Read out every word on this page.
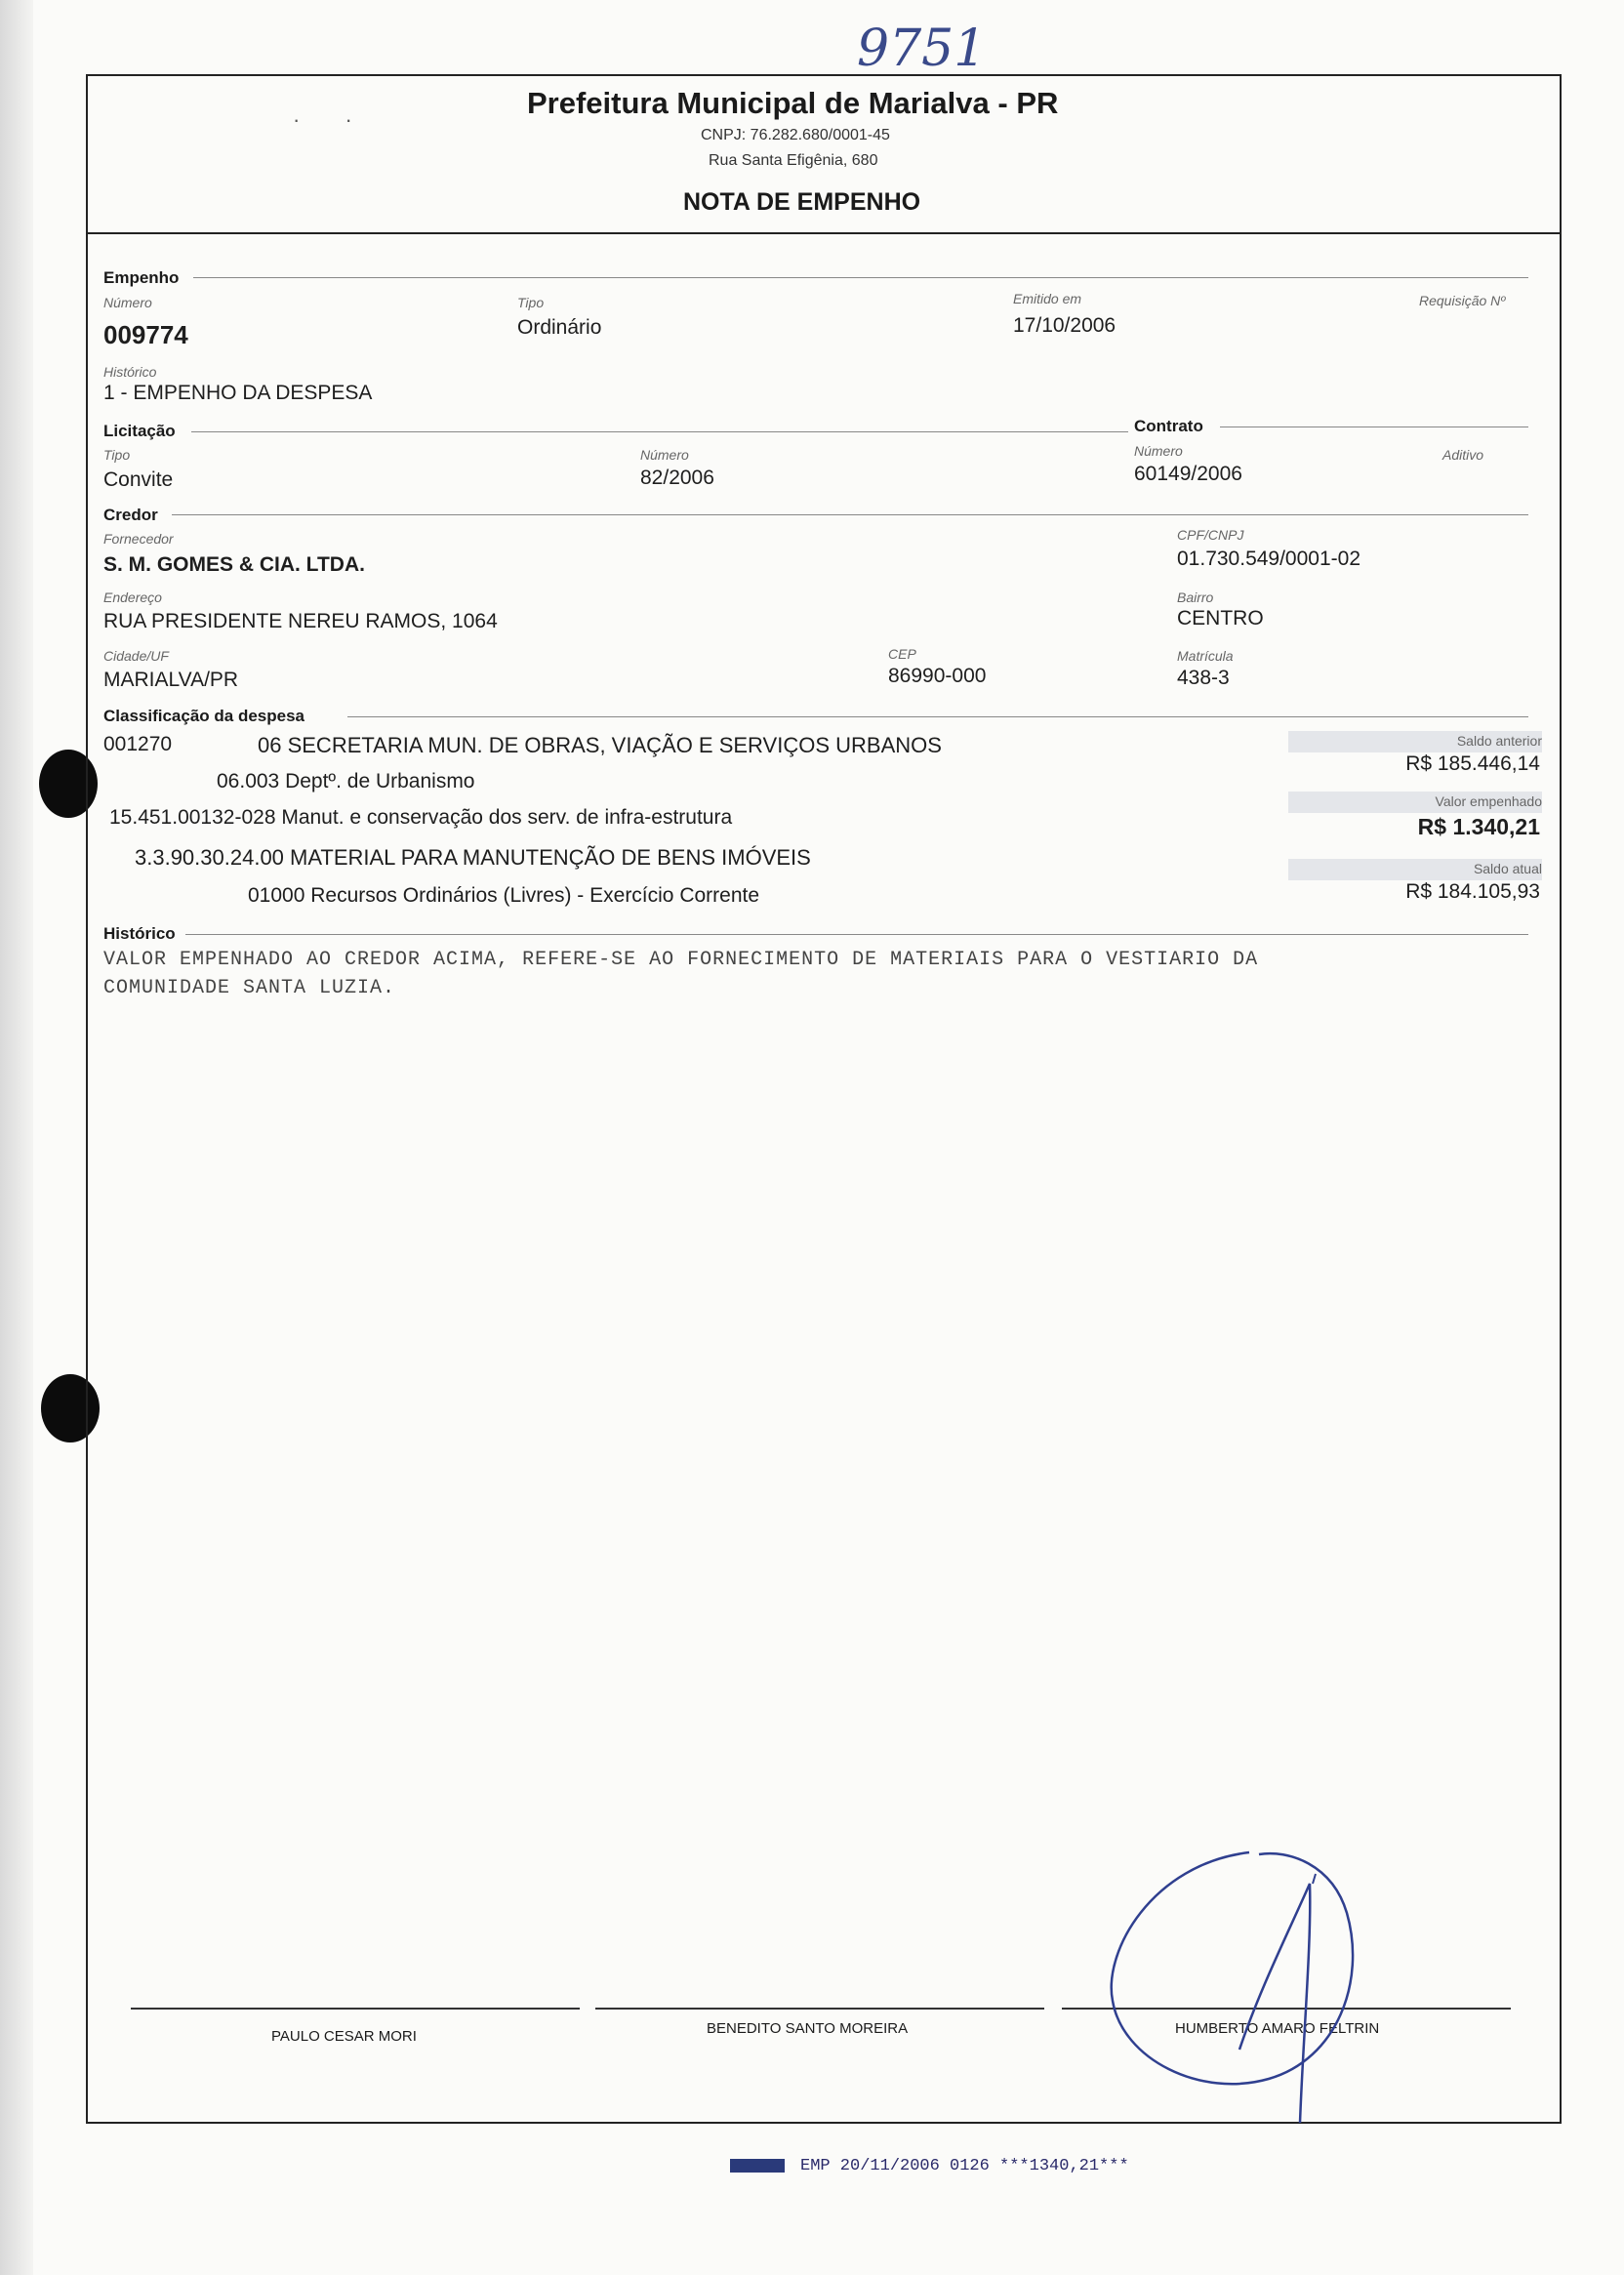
9751
Prefeitura Municipal de Marialva - PR
CNPJ: 76.282.680/0001-45
Rua Santa Efigênia, 680
NOTA DE EMPENHO
· ·
Empenho
Número
009774
Tipo
Ordinário
Emitido em
17/10/2006
Requisição Nº
Histórico
1 - EMPENHO DA DESPESA
Licitação	Contrato
Tipo
Convite
Número
82/2006
Número
60149/2006
Aditivo
Credor
Fornecedor
S. M. GOMES & CIA. LTDA.
CPF/CNPJ
01.730.549/0001-02
Endereço
RUA PRESIDENTE NEREU RAMOS, 1064
Bairro
CENTRO
Cidade/UF
MARIALVA/PR
CEP
86990-000
Matrícula
438-3
Classificação da despesa
001270	06 SECRETARIA MUN. DE OBRAS, VIAÇÃO E SERVIÇOS URBANOS
06.003 Deptº. de Urbanismo
15.451.00132-028 Manut. e conservação dos serv. de infra-estrutura
3.3.90.30.24.00 MATERIAL PARA MANUTENÇÃO DE BENS IMÓVEIS
01000 Recursos Ordinários (Livres) - Exercício Corrente
Saldo anterior
R$ 185.446,14
Valor empenhado
R$ 1.340,21
Saldo atual
R$ 184.105,93
Histórico
VALOR EMPENHADO AO CREDOR ACIMA, REFERE-SE AO FORNECIMENTO DE MATERIAIS PARA O VESTIARIO DA
COMUNIDADE SANTA LUZIA.
PAULO CESAR MORI	BENEDITO SANTO MOREIRA	HUMBERTO AMARO FELTRIN
EMP 20/11/2006 0126 ***1340,21***
